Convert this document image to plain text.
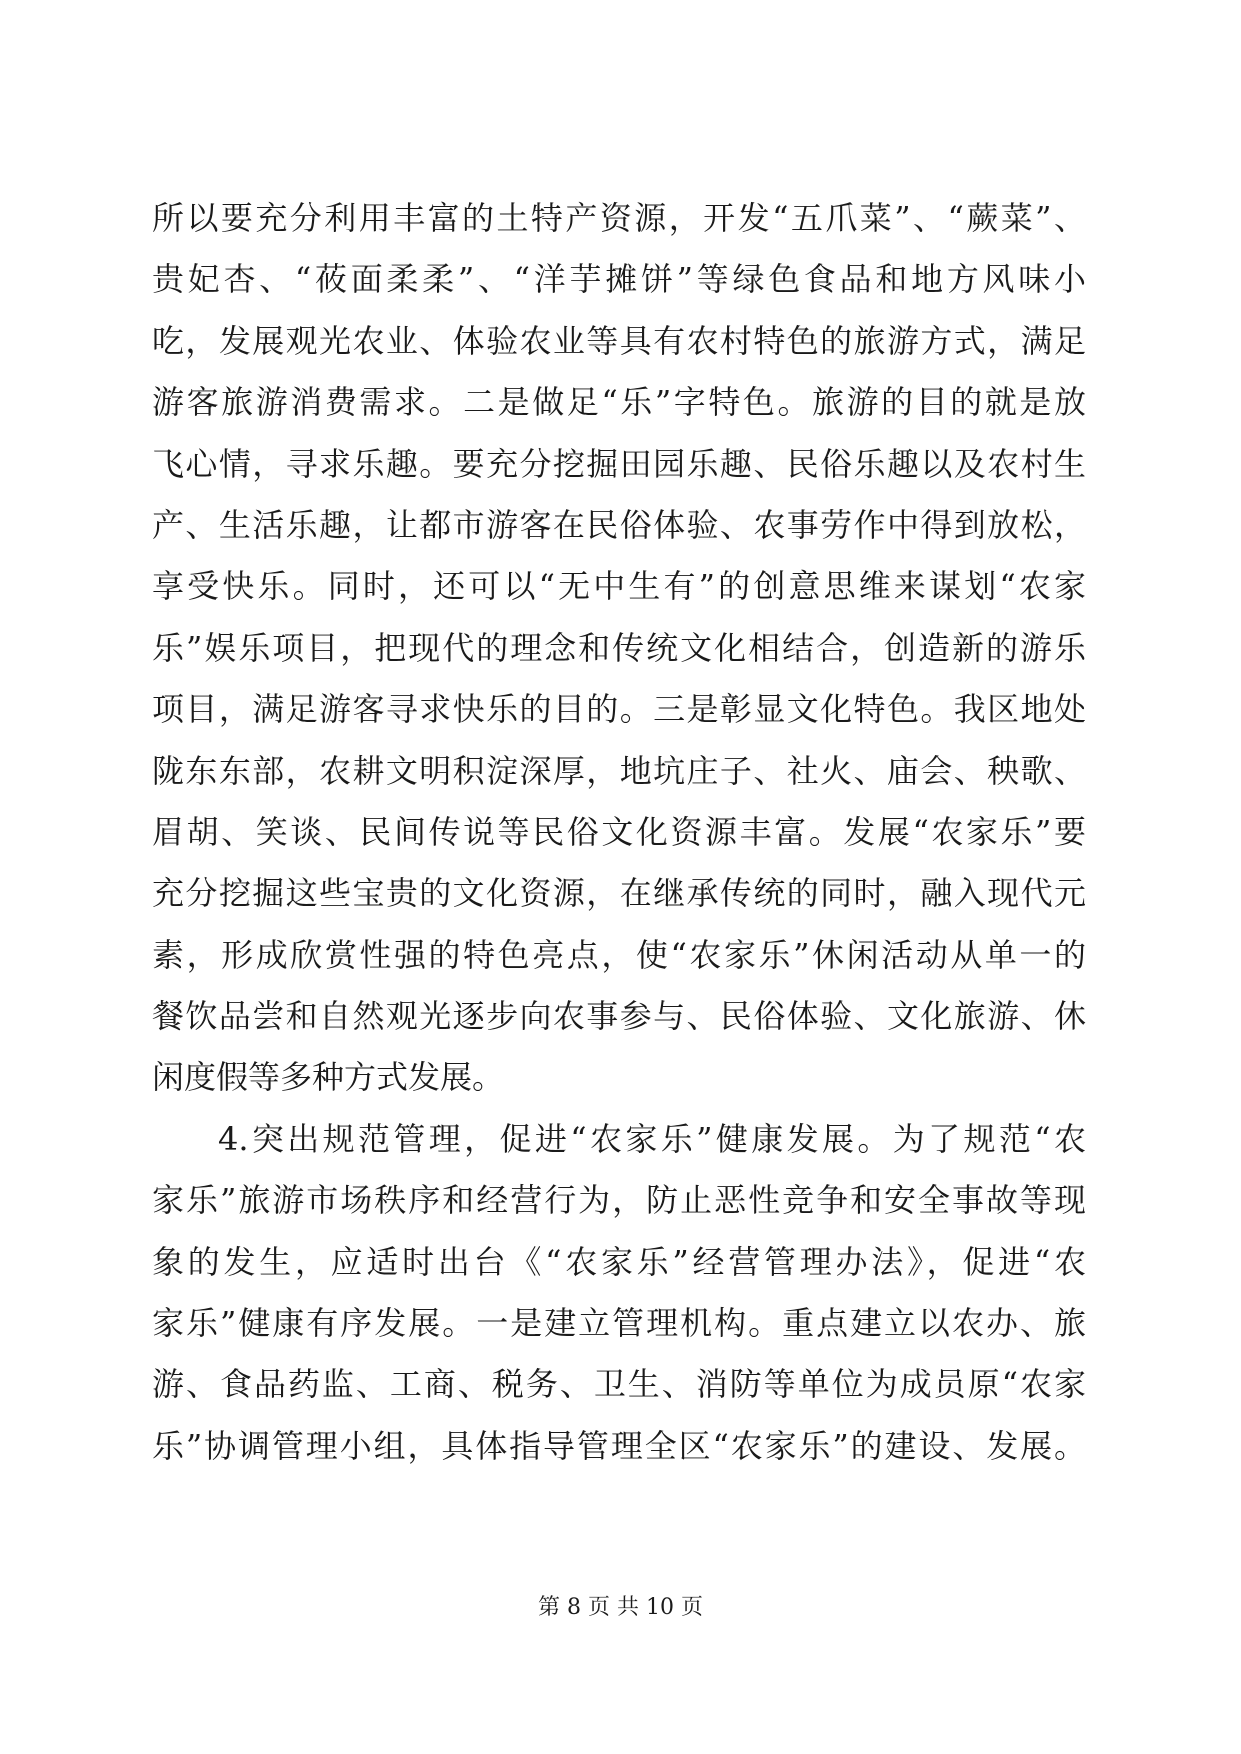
所以要充分利用丰富的土特产资源，开发“五爪菜”、“蕨菜”、
贵妃杏、“莜面柔柔”、“洋芋摊饼”等绿色食品和地方风味小
吃，发展观光农业、体验农业等具有农村特色的旅游方式，满足
游客旅游消费需求。二是做足“乐”字特色。旅游的目的就是放
飞心情，寻求乐趣。要充分挖掘田园乐趣、民俗乐趣以及农村生
产、生活乐趣，让都市游客在民俗体验、农事劳作中得到放松，
享受快乐。同时，还可以“无中生有”的创意思维来谋划“农家
乐”娱乐项目，把现代的理念和传统文化相结合，创造新的游乐
项目，满足游客寻求快乐的目的。三是彰显文化特色。我区地处
陇东东部，农耕文明积淀深厚，地坑庄子、社火、庙会、秧歌、
眉胡、笑谈、民间传说等民俗文化资源丰富。发展“农家乐”要
充分挖掘这些宝贵的文化资源，在继承传统的同时，融入现代元
素，形成欣赏性强的特色亮点，使“农家乐”休闲活动从单一的
餐饮品尝和自然观光逐步向农事参与、民俗体验、文化旅游、休
闲度假等多种方式发展。
4.突出规范管理，促进“农家乐”健康发展。为了规范“农
家乐”旅游市场秩序和经营行为，防止恶性竞争和安全事故等现
象的发生，应适时出台《“农家乐”经营管理办法》，促进“农
家乐”健康有序发展。一是建立管理机构。重点建立以农办、旅
游、食品药监、工商、税务、卫生、消防等单位为成员原“农家
乐”协调管理小组，具体指导管理全区“农家乐”的建设、发展。
第 8 页 共 10 页
